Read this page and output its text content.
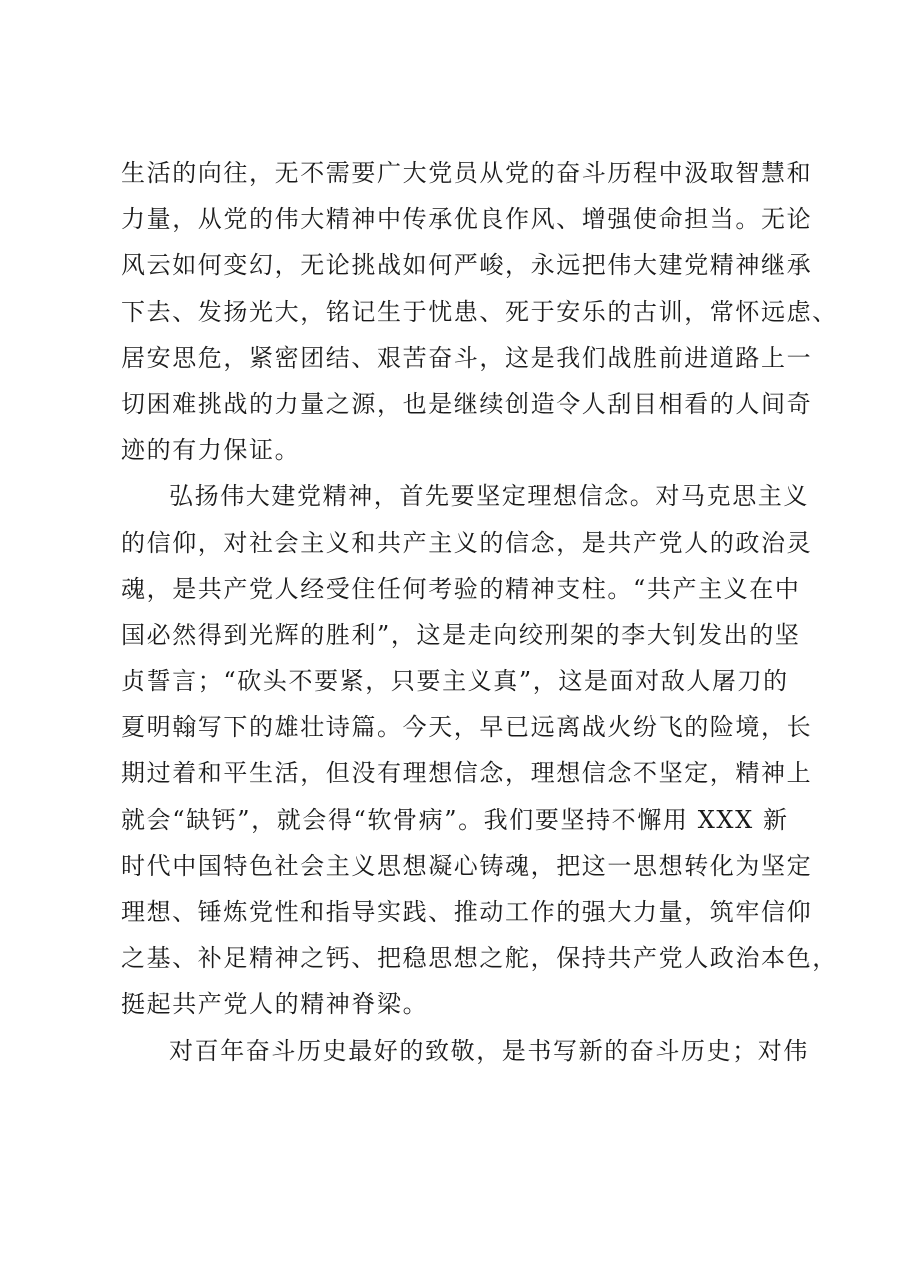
生活的向往，无不需要广大党员从党的奋斗历程中汲取智慧和
力量，从党的伟大精神中传承优良作风、增强使命担当。无论
风云如何变幻，无论挑战如何严峻，永远把伟大建党精神继承
下去、发扬光大，铭记生于忧患、死于安乐的古训，常怀远虑、
居安思危，紧密团结、艰苦奋斗，这是我们战胜前进道路上一
切困难挑战的力量之源，也是继续创造令人刮目相看的人间奇
迹的有力保证。
弘扬伟大建党精神，首先要坚定理想信念。对马克思主义
的信仰，对社会主义和共产主义的信念，是共产党人的政治灵
魂，是共产党人经受住任何考验的精神支柱。“共产主义在中
国必然得到光辉的胜利”，这是走向绞刑架的李大钊发出的坚
贞誓言；“砍头不要紧，只要主义真”，这是面对敌人屠刀的
夏明翰写下的雄壮诗篇。今天，早已远离战火纷飞的险境，长
期过着和平生活，但没有理想信念，理想信念不坚定，精神上
就会“缺钙”，就会得“软骨病”。我们要坚持不懈用 XXX 新
时代中国特色社会主义思想凝心铸魂，把这一思想转化为坚定
理想、锤炼党性和指导实践、推动工作的强大力量，筑牢信仰
之基、补足精神之钙、把稳思想之舵，保持共产党人政治本色，
挺起共产党人的精神脊梁。
对百年奋斗历史最好的致敬，是书写新的奋斗历史；对伟
